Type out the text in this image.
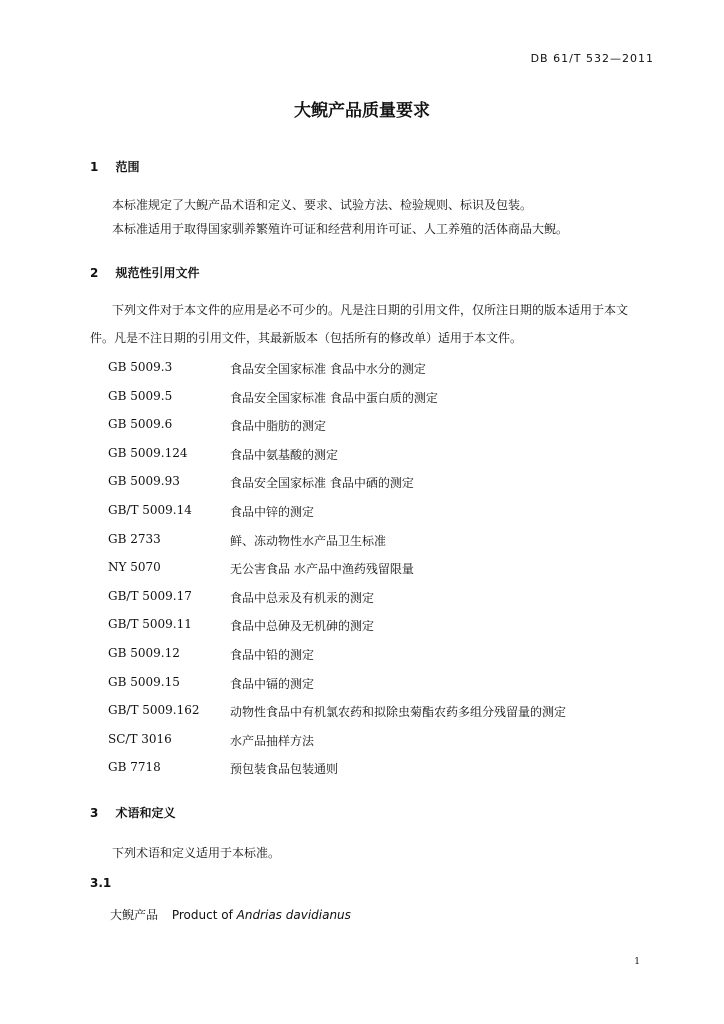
DB 61/T 532—2011
大鲵产品质量要求
1 范围
本标准规定了大鲵产品术语和定义、要求、试验方法、检验规则、标识及包装。
本标准适用于取得国家驯养繁殖许可证和经营利用许可证、人工养殖的活体商品大鲵。
2 规范性引用文件
下列文件对于本文件的应用是必不可少的。凡是注日期的引用文件，仅所注日期的版本适用于本文
件。凡是不注日期的引用文件，其最新版本（包括所有的修改单）适用于本文件。
GB 5009.3	食品安全国家标准 食品中水分的测定
GB 5009.5	食品安全国家标准 食品中蛋白质的测定
GB 5009.6	食品中脂肪的测定
GB 5009.124	食品中氨基酸的测定
GB 5009.93	食品安全国家标准 食品中硒的测定
GB/T 5009.14	食品中锌的测定
GB 2733	鲜、冻动物性水产品卫生标准
NY 5070	无公害食品 水产品中渔药残留限量
GB/T 5009.17	食品中总汞及有机汞的测定
GB/T 5009.11	食品中总砷及无机砷的测定
GB 5009.12	食品中铅的测定
GB 5009.15	食品中镉的测定
GB/T 5009.162	动物性食品中有机氯农药和拟除虫菊酯农药多组分残留量的测定
SC/T 3016	水产品抽样方法
GB 7718	预包装食品包装通则
3 术语和定义
下列术语和定义适用于本标准。
3.1
大鲵产品 Product of Andrias davidianus
1
